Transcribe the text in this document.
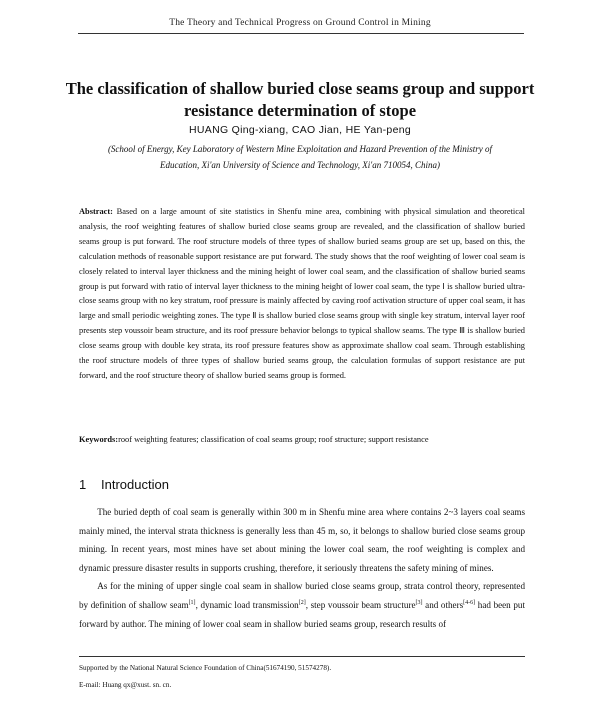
The Theory and Technical Progress on Ground Control in Mining
The classification of shallow buried close seams group and support resistance determination of stope
HUANG Qing-xiang, CAO Jian, HE Yan-peng
(School of Energy, Key Laboratory of Western Mine Exploitation and Hazard Prevention of the Ministry of Education, Xi'an University of Science and Technology, Xi'an 710054, China)

Abstract: Based on a large amount of site statistics in Shenfu mine area, combining with physical simulation and theoretical analysis, the roof weighting features of shallow buried close seams group are revealed, and the classification of shallow buried seams group is put forward. The roof structure models of three types of shallow buried seams group are set up, based on this, the calculation methods of reasonable support resistance are put forward. The study shows that the roof weighting of lower coal seam is closely related to interval layer thickness and the mining height of lower coal seam, and the classification of shallow buried seams group is put forward with ratio of interval layer thickness to the mining height of lower coal seam, the type Ⅰ is shallow buried ultra-close seams group with no key stratum, roof pressure is mainly affected by caving roof activation structure of upper coal seam, it has large and small periodic weighting zones. The type Ⅱ is shallow buried close seams group with single key stratum, interval layer roof presents step voussoir beam structure, and its roof pressure behavior belongs to typical shallow seams. The type Ⅲ is shallow buried close seams group with double key strata, its roof pressure features show as approximate shallow coal seam. Through establishing the roof structure models of three types of shallow buried seams group, the calculation formulas of support resistance are put forward, and the roof structure theory of shallow buried seams group is formed.

Keywords:roof weighting features; classification of coal seams group; roof structure; support resistance

1 Introduction

The buried depth of coal seam is generally within 300 m in Shenfu mine area where contains 2~3 layers coal seams mainly mined, the interval strata thickness is generally less than 45 m, so, it belongs to shallow buried close seams group mining. In recent years, most mines have set about mining the lower coal seam, the roof weighting is complex and dynamic pressure disaster results in supports crushing, therefore, it seriously threatens the safety mining of mines.

As for the mining of upper single coal seam in shallow buried close seams group, strata control theory, represented by definition of shallow seam[1], dynamic load transmission[2], step voussoir beam structure[3] and others[4-6] had been put forward by author. The mining of lower coal seam in shallow buried seams group, research results of

Supported by the National Natural Science Foundation of China(51674190, 51574278).
E-mail: Huang qx@xust. sn. cn.
